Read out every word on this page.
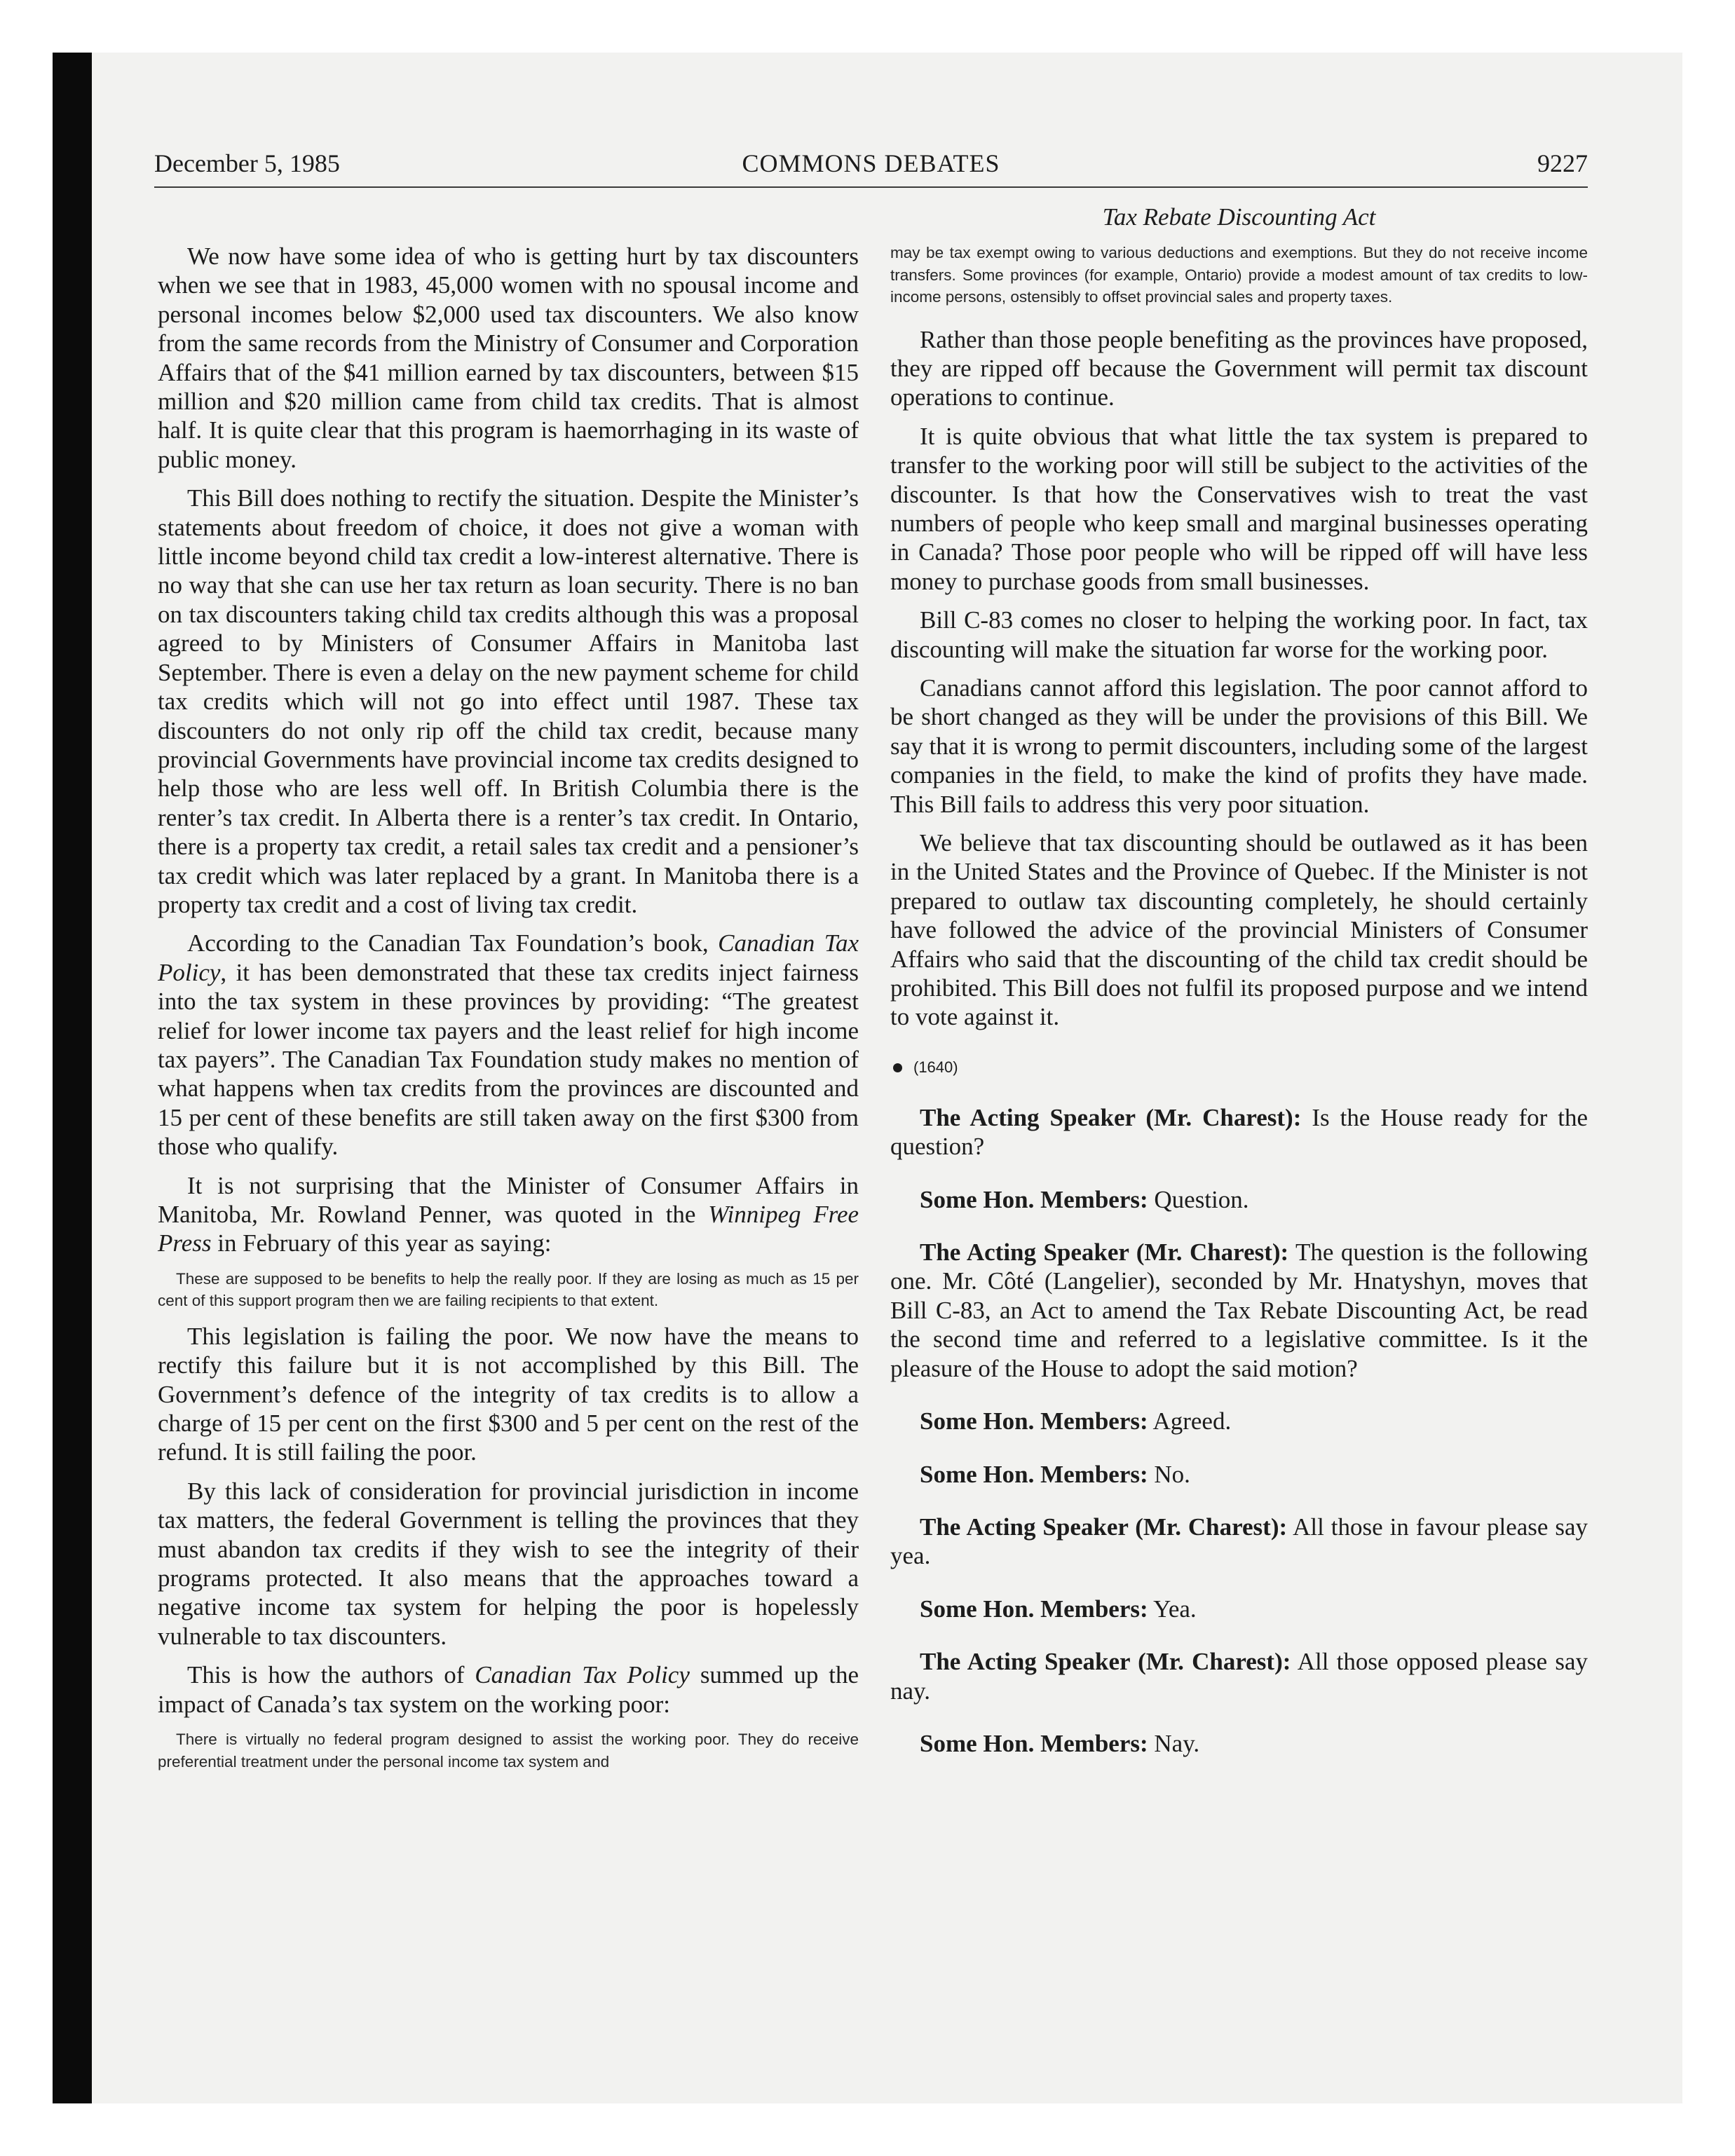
December 5, 1985	COMMONS DEBATES	9227
Tax Rebate Discounting Act

We now have some idea of who is getting hurt by tax discounters when we see that in 1983, 45,000 women with no spousal income and personal incomes below $2,000 used tax discounters. We also know from the same records from the Ministry of Consumer and Corporation Affairs that of the $41 million earned by tax discounters, between $15 million and $20 million came from child tax credits. That is almost half. It is quite clear that this program is haemorrhaging in its waste of public money.

This Bill does nothing to rectify the situation. Despite the Minister’s statements about freedom of choice, it does not give a woman with little income beyond child tax credit a low-interest alternative. There is no way that she can use her tax return as loan security. There is no ban on tax discounters taking child tax credits although this was a proposal agreed to by Ministers of Consumer Affairs in Manitoba last September. There is even a delay on the new payment scheme for child tax credits which will not go into effect until 1987. These tax discounters do not only rip off the child tax credit, because many provincial Governments have provincial income tax credits designed to help those who are less well off. In British Columbia there is the renter’s tax credit. In Alberta there is a renter’s tax credit. In Ontario, there is a property tax credit, a retail sales tax credit and a pensioner’s tax credit which was later replaced by a grant. In Manitoba there is a property tax credit and a cost of living tax credit.

According to the Canadian Tax Foundation’s book, Canadian Tax Policy, it has been demonstrated that these tax credits inject fairness into the tax system in these provinces by providing: “The greatest relief for lower income tax payers and the least relief for high income tax payers”. The Canadian Tax Foundation study makes no mention of what happens when tax credits from the provinces are discounted and 15 per cent of these benefits are still taken away on the first $300 from those who qualify.

It is not surprising that the Minister of Consumer Affairs in Manitoba, Mr. Rowland Penner, was quoted in the Winnipeg Free Press in February of this year as saying:

These are supposed to be benefits to help the really poor. If they are losing as much as 15 per cent of this support program then we are failing recipients to that extent.

This legislation is failing the poor. We now have the means to rectify this failure but it is not accomplished by this Bill. The Government’s defence of the integrity of tax credits is to allow a charge of 15 per cent on the first $300 and 5 per cent on the rest of the refund. It is still failing the poor.

By this lack of consideration for provincial jurisdiction in income tax matters, the federal Government is telling the provinces that they must abandon tax credits if they wish to see the integrity of their programs protected. It also means that the approaches toward a negative income tax system for helping the poor is hopelessly vulnerable to tax discounters.

This is how the authors of Canadian Tax Policy summed up the impact of Canada’s tax system on the working poor:

There is virtually no federal program designed to assist the working poor. They do receive preferential treatment under the personal income tax system and
may be tax exempt owing to various deductions and exemptions. But they do not receive income transfers. Some provinces (for example, Ontario) provide a modest amount of tax credits to low-income persons, ostensibly to offset provincial sales and property taxes.

Rather than those people benefiting as the provinces have proposed, they are ripped off because the Government will permit tax discount operations to continue.

It is quite obvious that what little the tax system is prepared to transfer to the working poor will still be subject to the activities of the discounter. Is that how the Conservatives wish to treat the vast numbers of people who keep small and marginal businesses operating in Canada? Those poor people who will be ripped off will have less money to purchase goods from small businesses.

Bill C-83 comes no closer to helping the working poor. In fact, tax discounting will make the situation far worse for the working poor.

Canadians cannot afford this legislation. The poor cannot afford to be short changed as they will be under the provisions of this Bill. We say that it is wrong to permit discounters, including some of the largest companies in the field, to make the kind of profits they have made. This Bill fails to address this very poor situation.

We believe that tax discounting should be outlawed as it has been in the United States and the Province of Quebec. If the Minister is not prepared to outlaw tax discounting completely, he should certainly have followed the advice of the provincial Ministers of Consumer Affairs who said that the discounting of the child tax credit should be prohibited. This Bill does not fulfil its proposed purpose and we intend to vote against it.

(1640)

The Acting Speaker (Mr. Charest): Is the House ready for the question?

Some Hon. Members: Question.

The Acting Speaker (Mr. Charest): The question is the following one. Mr. Côté (Langelier), seconded by Mr. Hnatyshyn, moves that Bill C-83, an Act to amend the Tax Rebate Discounting Act, be read the second time and referred to a legislative committee. Is it the pleasure of the House to adopt the said motion?

Some Hon. Members: Agreed.

Some Hon. Members: No.

The Acting Speaker (Mr. Charest): All those in favour please say yea.

Some Hon. Members: Yea.

The Acting Speaker (Mr. Charest): All those opposed please say nay.

Some Hon. Members: Nay.
